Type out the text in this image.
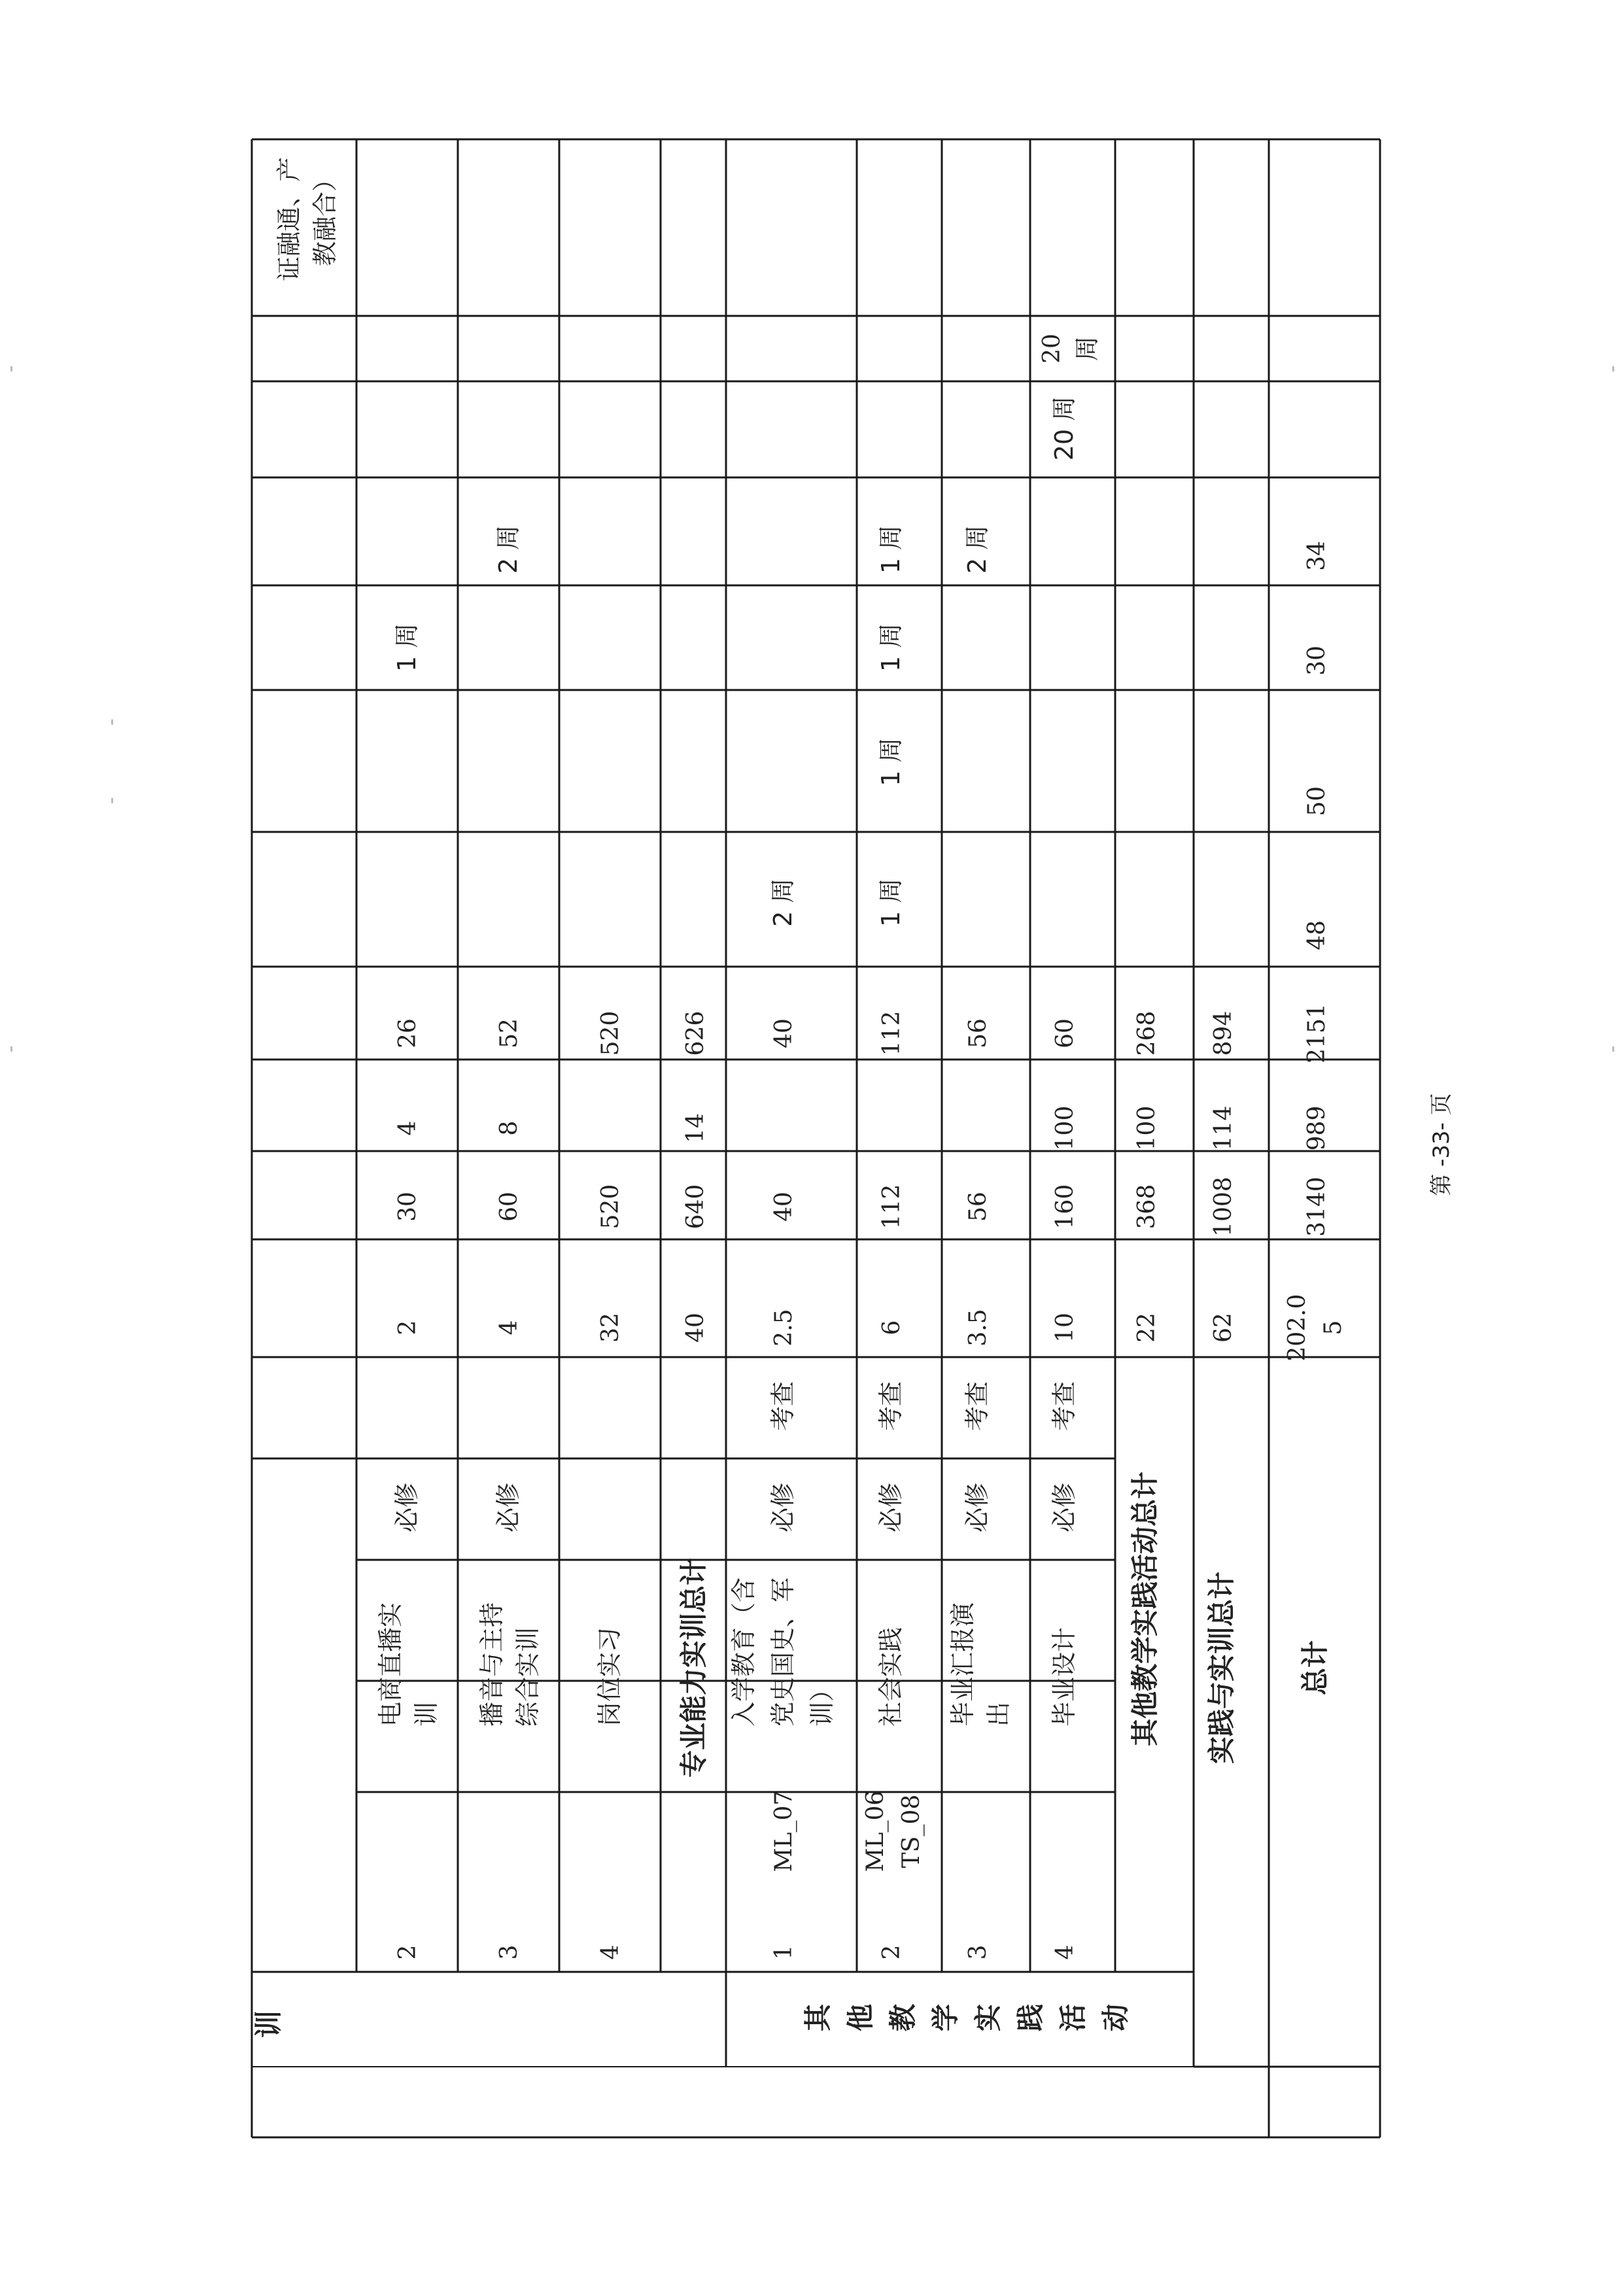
证融通、产 教融合）
2
电商直播实 训
必修
2
30
4
26
1 周
3
播音与主持 综合实训
必修
4
60
8
52
2 周
4
岗位实习
32
520
520
专业能力实训总计
40
640
14
626
训
1
ML_07
入学教育（含 党史国史、军 训）
必修
考查
2.5
40
40
2 周
2
ML_06 TS_08
社会实践
必修
考查
6
112
112
1 周
1 周
1 周
1 周
3
毕业汇报演 出
必修
考查
3.5
56
56
2 周
4
毕业设计
必修
考查
10
160
100
60
20 周
20 周
其他教学实践活动总计
22
368
100
268
实践与实训总计
62
1008
114
894
总计
202.0 5
3140
989
2151
48
50
30
34
第 -33- 页
其 他 教 学 实 践 活 动
